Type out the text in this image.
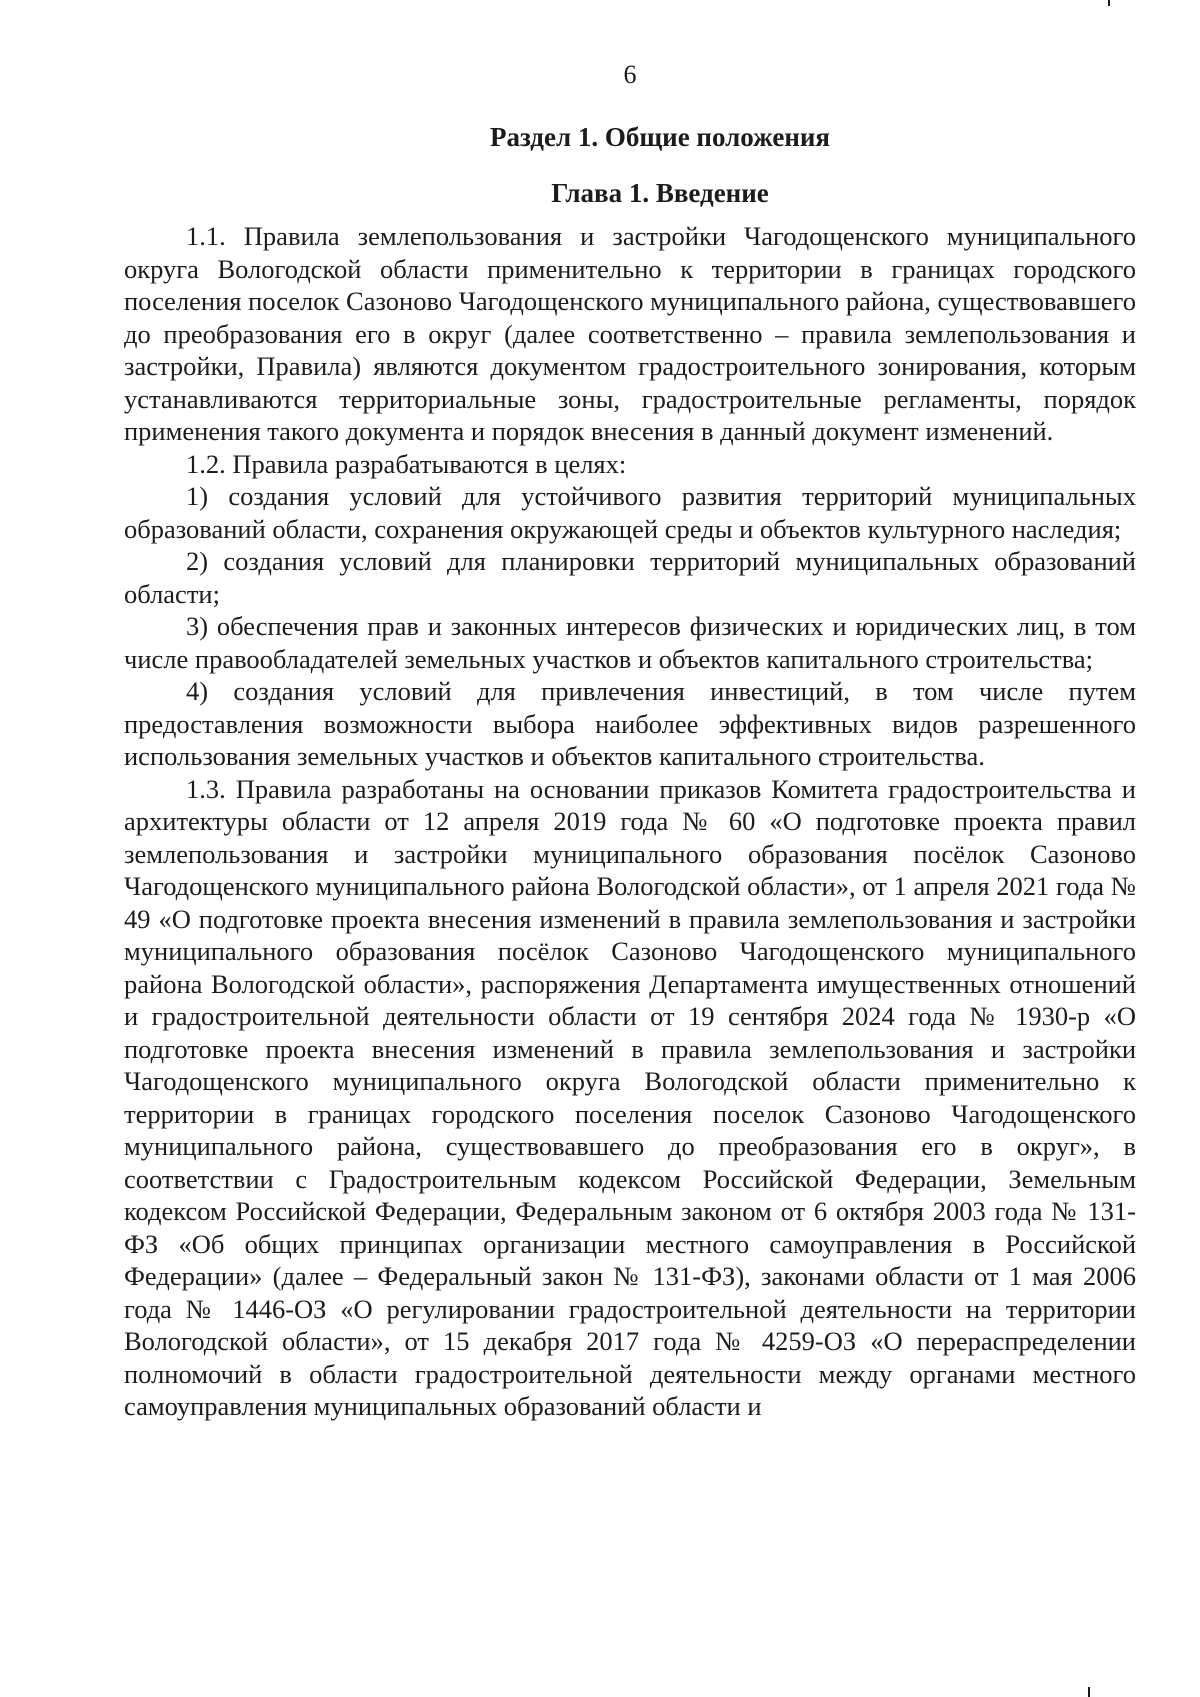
6
Раздел 1. Общие положения
Глава 1. Введение

1.1. Правила землепользования и застройки Чагодощенского муниципального округа Вологодской области применительно к территории в границах городского поселения поселок Сазоново Чагодощенского муниципального района, существовавшего до преобразования его в округ (далее соответственно – правила землепользования и застройки, Правила) являются документом градостроительного зонирования, которым устанавливаются территориальные зоны, градостроительные регламенты, порядок применения такого документа и порядок внесения в данный документ изменений.

1.2. Правила разрабатываются в целях:

1) создания условий для устойчивого развития территорий муниципальных образований области, сохранения окружающей среды и объектов культурного наследия;

2) создания условий для планировки территорий муниципальных образований области;

3) обеспечения прав и законных интересов физических и юридических лиц, в том числе правообладателей земельных участков и объектов капитального строительства;

4) создания условий для привлечения инвестиций, в том числе путем предоставления возможности выбора наиболее эффективных видов разрешенного использования земельных участков и объектов капитального строительства.

1.3. Правила разработаны на основании приказов Комитета градостроительства и архитектуры области от 12 апреля 2019 года № 60 «О подготовке проекта правил землепользования и застройки муниципального образования посёлок Сазоново Чагодощенского муниципального района Вологодской области», от 1 апреля 2021 года № 49 «О подготовке проекта внесения изменений в правила землепользования и застройки муниципального образования посёлок Сазоново Чагодощенского муниципального района Вологодской области», распоряжения Департамента имущественных отношений и градостроительной деятельности области от 19 сентября 2024 года № 1930-р «О подготовке проекта внесения изменений в правила землепользования и застройки Чагодощенского муниципального округа Вологодской области применительно к территории в границах городского поселения поселок Сазоново Чагодощенского муниципального района, существовавшего до преобразования его в округ», в соответствии с Градостроительным кодексом Российской Федерации, Земельным кодексом Российской Федерации, Федеральным законом от 6 октября 2003 года № 131-ФЗ «Об общих принципах организации местного самоуправления в Российской Федерации» (далее – Федеральный закон № 131-ФЗ), законами области от 1 мая 2006 года № 1446-ОЗ «О регулировании градостроительной деятельности на территории Вологодской области», от 15 декабря 2017 года № 4259-ОЗ «О перераспределении полномочий в области градостроительной деятельности между органами местного самоуправления муниципальных образований области и
